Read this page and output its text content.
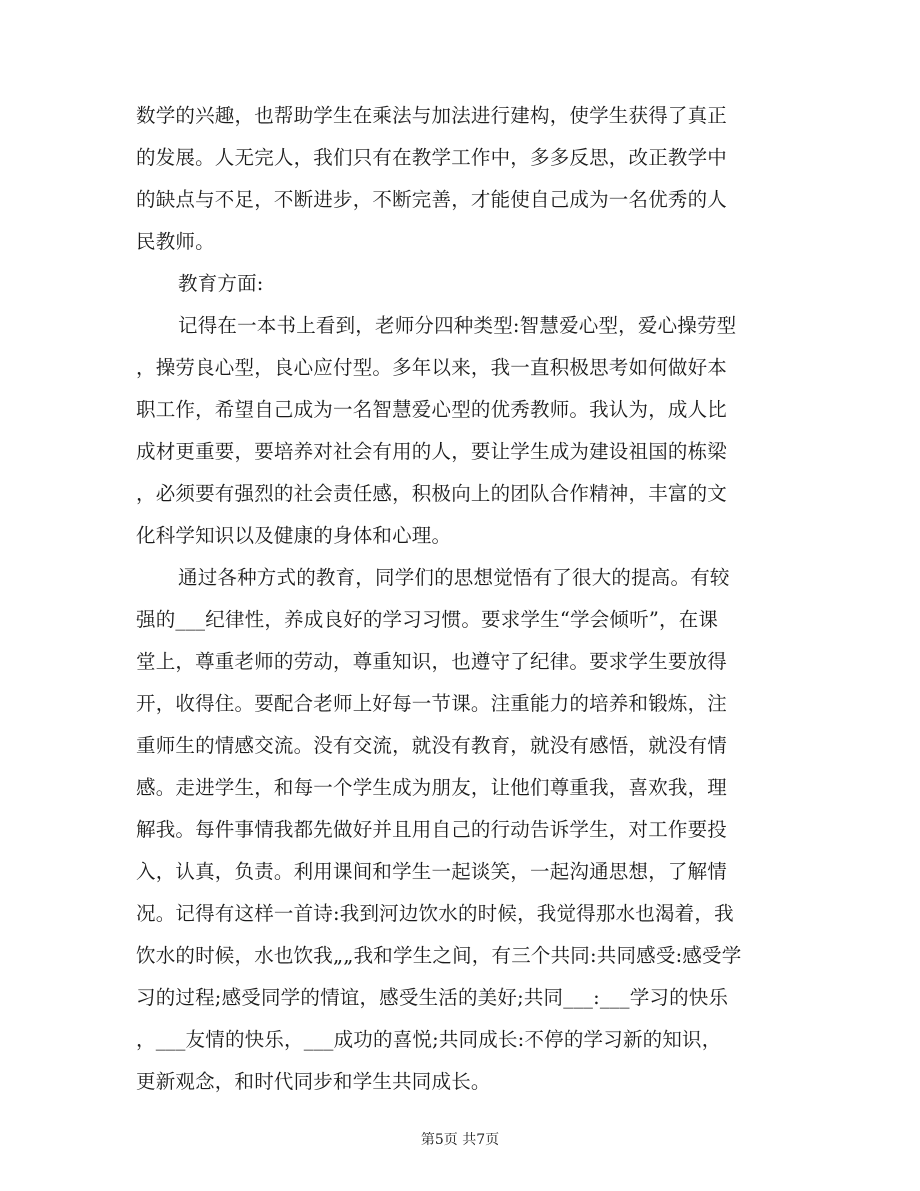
数学的兴趣，也帮助学生在乘法与加法进行建构，使学生获得了真正
的发展。人无完人，我们只有在教学工作中，多多反思，改正教学中
的缺点与不足，不断进步，不断完善，才能使自己成为一名优秀的人
民教师。
教育方面:
记得在一本书上看到，老师分四种类型:智慧爱心型，爱心操劳型
，操劳良心型，良心应付型。多年以来，我一直积极思考如何做好本
职工作，希望自己成为一名智慧爱心型的优秀教师。我认为，成人比
成材更重要，要培养对社会有用的人，要让学生成为建设祖国的栋梁
，必须要有强烈的社会责任感，积极向上的团队合作精神，丰富的文
化科学知识以及健康的身体和心理。
通过各种方式的教育，同学们的思想觉悟有了很大的提高。有较
强的___纪律性，养成良好的学习习惯。要求学生“学会倾听”，在课
堂上，尊重老师的劳动，尊重知识，也遵守了纪律。要求学生要放得
开，收得住。要配合老师上好每一节课。注重能力的培养和锻炼，注
重师生的情感交流。没有交流，就没有教育，就没有感悟，就没有情
感。走进学生，和每一个学生成为朋友，让他们尊重我，喜欢我，理
解我。每件事情我都先做好并且用自己的行动告诉学生，对工作要投
入，认真，负责。利用课间和学生一起谈笑，一起沟通思想，了解情
况。记得有这样一首诗:我到河边饮水的时候，我觉得那水也渴着，我
饮水的时候，水也饮我„„我和学生之间，有三个共同:共同感受:感受学
习的过程;感受同学的情谊，感受生活的美好;共同___:___学习的快乐
，___友情的快乐，___成功的喜悦;共同成长:不停的学习新的知识，
更新观念，和时代同步和学生共同成长。
第5页 共7页
